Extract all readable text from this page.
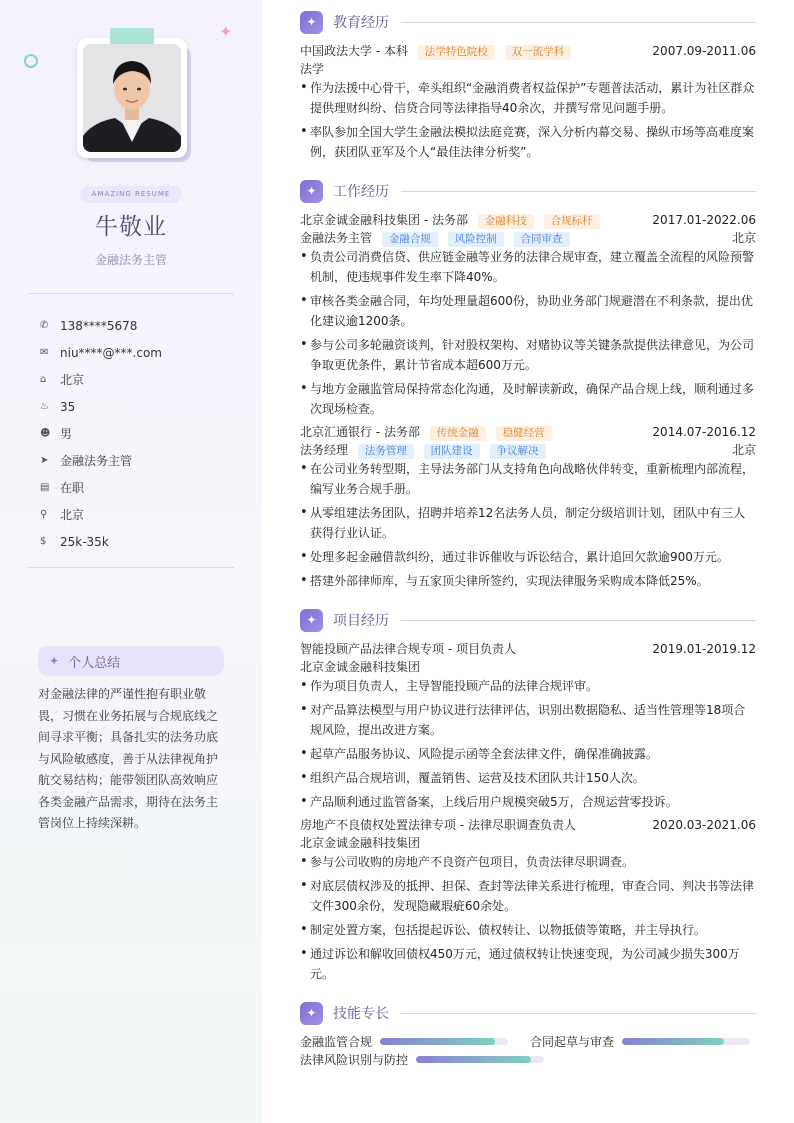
✦
AMAZING RESUME
牛敬业
金融法务主管
✆ 138****5678
✉ niu****@***.com
⌂	北京
♨ 35
☻ 男
➤ 金融法务主管
▤ 在职
⚲	北京
$	25k-35k
✦ 个人总结
对金融法律的严谨性抱有职业敬畏，习惯在业务拓展与合规底线之间寻求平衡；具备扎实的法务功底与风险敏感度，善于从法律视角护航交易结构；能带领团队高效响应各类金融产品需求，期待在法务主管岗位上持续深耕。
✦	教育经历
中国政法大学 - 本科 法学特色院校 双一流学科	2007.09-2011.06
法学
• 作为法援中心骨干，牵头组织“金融消费者权益保护”专题普法活动，累计为社区群众提供理财纠纷、信贷合同等法律指导40余次，并撰写常见问题手册。
• 率队参加全国大学生金融法模拟法庭竞赛，深入分析内幕交易、操纵市场等高难度案例，获团队亚军及个人“最佳法律分析奖”。
✦	工作经历
北京金诚金融科技集团 - 法务部 金融科技 合规标杆	2017.01-2022.06
金融法务主管 金融合规 风险控制 合同审查	北京
• 负责公司消费信贷、供应链金融等业务的法律合规审查，建立覆盖全流程的风险预警机制，使违规事件发生率下降40%。
• 审核各类金融合同，年均处理量超600份，协助业务部门规避潜在不利条款，提出优化建议逾1200条。
• 参与公司多轮融资谈判，针对股权架构、对赌协议等关键条款提供法律意见，为公司争取更优条件，累计节省成本超600万元。
• 与地方金融监管局保持常态化沟通，及时解读新政，确保产品合规上线，顺利通过多次现场检查。
北京汇通银行 - 法务部 传统金融 稳健经营	2014.07-2016.12
法务经理 法务管理 团队建设 争议解决	北京
• 在公司业务转型期，主导法务部门从支持角色向战略伙伴转变，重新梳理内部流程，编写业务合规手册。
• 从零组建法务团队，招聘并培养12名法务人员，制定分级培训计划，团队中有三人获得行业认证。
• 处理多起金融借款纠纷，通过非诉催收与诉讼结合，累计追回欠款逾900万元。
• 搭建外部律师库，与五家顶尖律所签约，实现法律服务采购成本降低25%。
✦	项目经历
智能投顾产品法律合规专项 - 项目负责人	2019.01-2019.12
北京金诚金融科技集团
• 作为项目负责人，主导智能投顾产品的法律合规评审。
• 对产品算法模型与用户协议进行法律评估，识别出数据隐私、适当性管理等18项合规风险，提出改进方案。
• 起草产品服务协议、风险提示函等全套法律文件，确保准确披露。
• 组织产品合规培训，覆盖销售、运营及技术团队共计150人次。
• 产品顺利通过监管备案，上线后用户规模突破5万，合规运营零投诉。
房地产不良债权处置法律专项 - 法律尽职调查负责人	2020.03-2021.06
北京金诚金融科技集团
• 参与公司收购的房地产不良资产包项目，负责法律尽职调查。
• 对底层债权涉及的抵押、担保、查封等法律关系进行梳理，审查合同、判决书等法律文件300余份，发现隐藏瑕疵60余处。
• 制定处置方案，包括提起诉讼、债权转让、以物抵债等策略，并主导执行。
• 通过诉讼和解收回债权450万元，通过债权转让快速变现，为公司减少损失300万元。
✦	技能专长
金融监管合规	合同起草与审查
法律风险识别与防控
